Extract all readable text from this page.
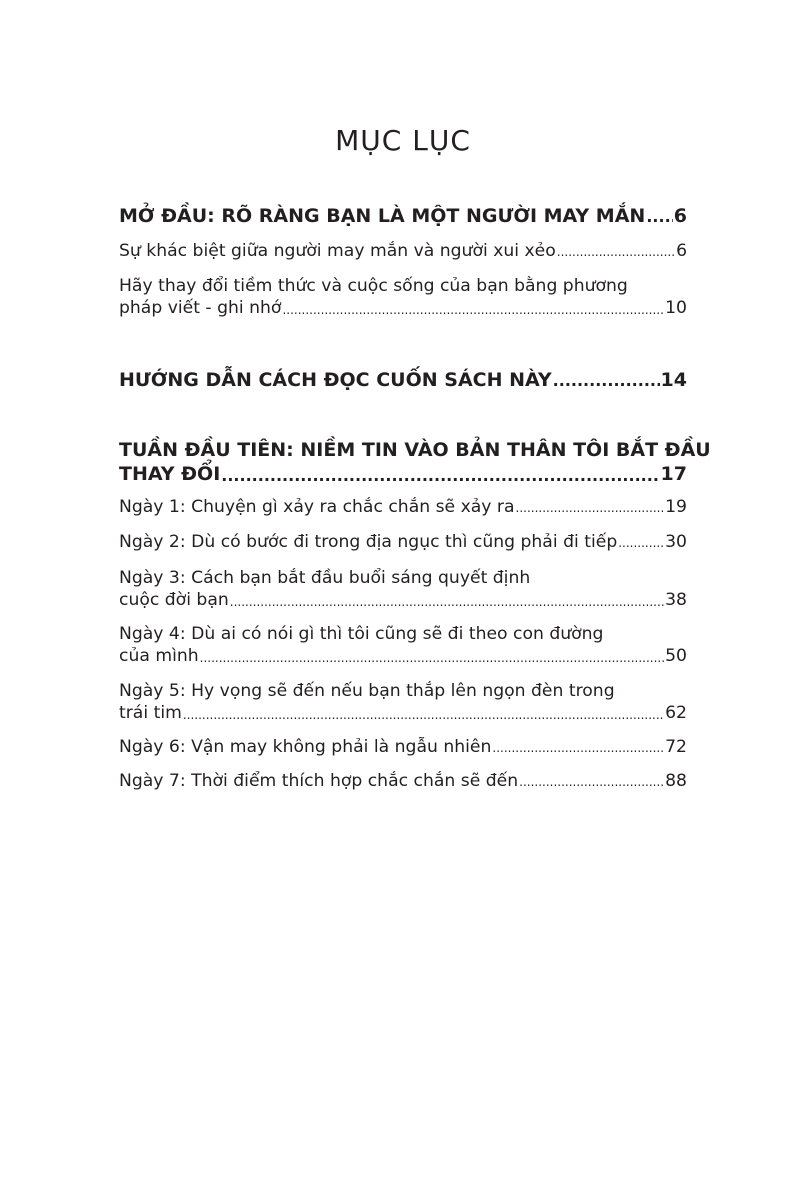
MỤC LỤC
MỞ ĐẦU: RÕ RÀNG BẠN LÀ MỘT NGƯỜI MAY MẮN ..... 6
Sự khác biệt giữa người may mắn và người xui xẻo .....	6
Hãy thay đổi tiềm thức và cuộc sống của bạn bằng phương
pháp viết - ghi nhớ .....	10
HƯỚNG DẪN CÁCH ĐỌC CUỐN SÁCH NÀY .....	14
TUẦN ĐẦU TIÊN: NIỀM TIN VÀO BẢN THÂN TÔI BẮT ĐẦU
THAY ĐỔI .....	17
Ngày 1: Chuyện gì xảy ra chắc chắn sẽ xảy ra .....	19
Ngày 2: Dù có bước đi trong địa ngục thì cũng phải đi tiếp .....	30
Ngày 3: Cách bạn bắt đầu buổi sáng quyết định
cuộc đời bạn .....	38
Ngày 4: Dù ai có nói gì thì tôi cũng sẽ đi theo con đường
của mình .....	50
Ngày 5: Hy vọng sẽ đến nếu bạn thắp lên ngọn đèn trong
trái tim .....	62
Ngày 6: Vận may không phải là ngẫu nhiên .....	72
Ngày 7: Thời điểm thích hợp chắc chắn sẽ đến .....	88
